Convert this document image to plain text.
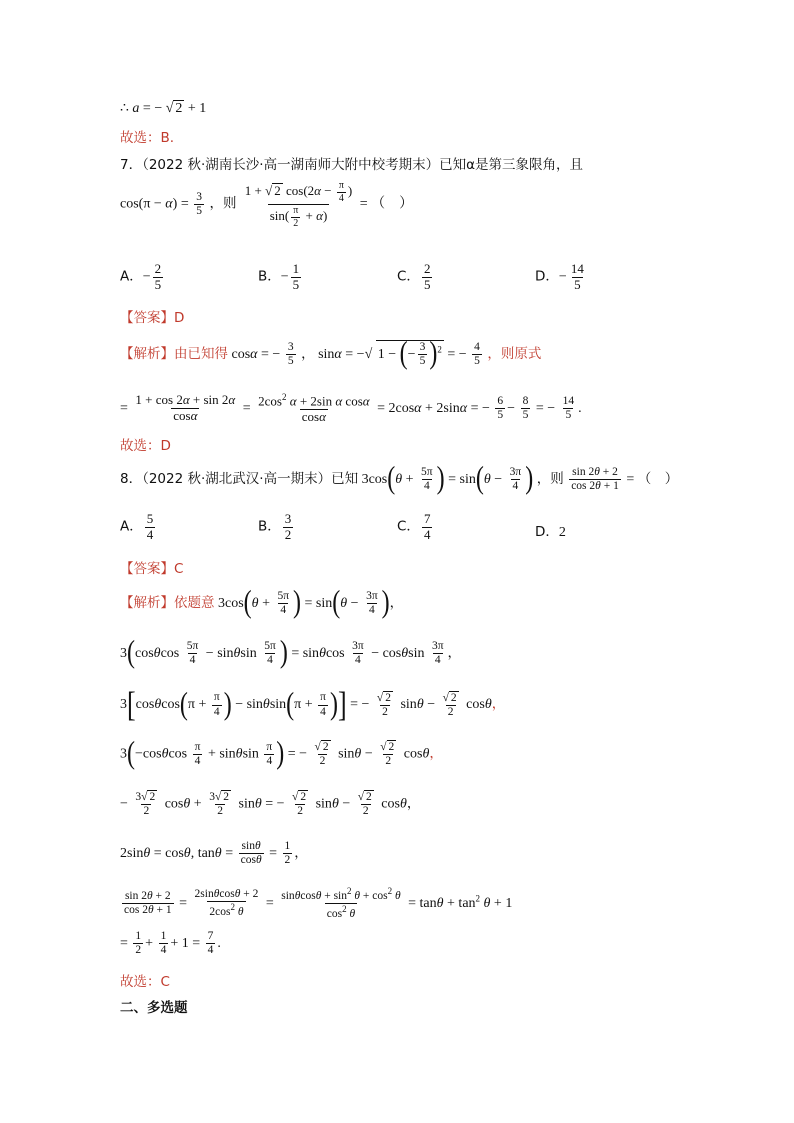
∴ a = − √ 2 + 1
故选：B.
7．（2022 秋·湖南长沙·高一湖南师大附中校考期末）已知α是第三象限角，且
$\cos(\pi - \alpha) = \frac{3}{5}$ ，则 $\frac{1 + √ 2 \cos(2\alpha - \frac{\pi}{4} )}{\sin( \frac{\pi}{2} + \alpha)}$ = （　）
A．− $\frac{2}{5}$	B．− $\frac{1}{5}$	C． $\frac{2}{5}$	D．− $\frac{14}{5}$
【答案】D
【解析】由已知得 cosα = − $\frac{3}{5}$ ， sinα = −√ 1 − (− $\frac{3}{5} )^2$ = − $\frac{4}{5}$ ，则原式
= $\frac{1 + \cos 2\alpha + \sin 2\alpha}{\cos\alpha} = \frac{2\cos^2 \alpha + 2\sin \alpha \cos\alpha}{\cos\alpha} = 2\cos\alpha + 2\sin\alpha$ = − $\frac{6}{5} - \frac{8}{5}$ = − $\frac{14}{5}$ .
故选：D
8．（2022 秋·湖北武汉·高一期末）已知 $3\cos(\theta + \frac{5\pi}{4}$ ) = $\sin(\theta - \frac{3\pi}{4}$ ) ，则 $\frac{\sin 2\theta + 2}{\cos 2\theta + 1}$ = （　）
A． $\frac{5}{4}$	B． $\frac{3}{2}$	C． $\frac{7}{4}$	D．2
【答案】C
【解析】依题意 $3\cos(\theta + \frac{5\pi}{4}$ ) = $\sin(\theta - \frac{3\pi}{4}$ )，
$3(\cos\theta\cos \frac{5\pi}{4} - \sin\theta\sin \frac{5\pi}{4}$ ) = sinθcos $\frac{3\pi}{4} - \cos\theta\sin \frac{3\pi}{4}$ ，
$3[\cos\theta\cos(\pi + \frac{\pi}{4}$ ) − $\sin\theta\sin(\pi + \frac{\pi}{4}$ )] = − $\frac{√ 2}{2}$ $\sin\theta - \frac{√ 2}{2}$ cosθ，
$3(-\cos\theta\cos \frac{\pi}{4} + \sin\theta\sin \frac{\pi}{4}$ ) = − $\frac{√ 2}{2}$ $\sin\theta - \frac{√ 2}{2}$ cosθ，
− $\frac{3√ 2}{2}$ $\cos\theta + \frac{3√ 2}{2}$ sinθ = − $\frac{√ 2}{2}$ $\sin\theta - \frac{√ 2}{2}$ cosθ，
2sinθ = cosθ, $\tan\theta = \frac{\sin\theta}{\cos\theta} = \frac{1}{2}$ ，
$\frac{\sin 2\theta + 2}{\cos 2\theta + 1} = \frac{2\sin\theta\cos\theta + 2}{2\cos^2 \theta} = \frac{\sin\theta\cos\theta + \sin^2 \theta + \cos^2 \theta}{\cos^2 \theta} = \tan\theta + \tan^2 \theta + 1$
= $\frac{1}{2} + \frac{1}{4} + 1 = \frac{7}{4}$ .
故选：C
二、多选题
